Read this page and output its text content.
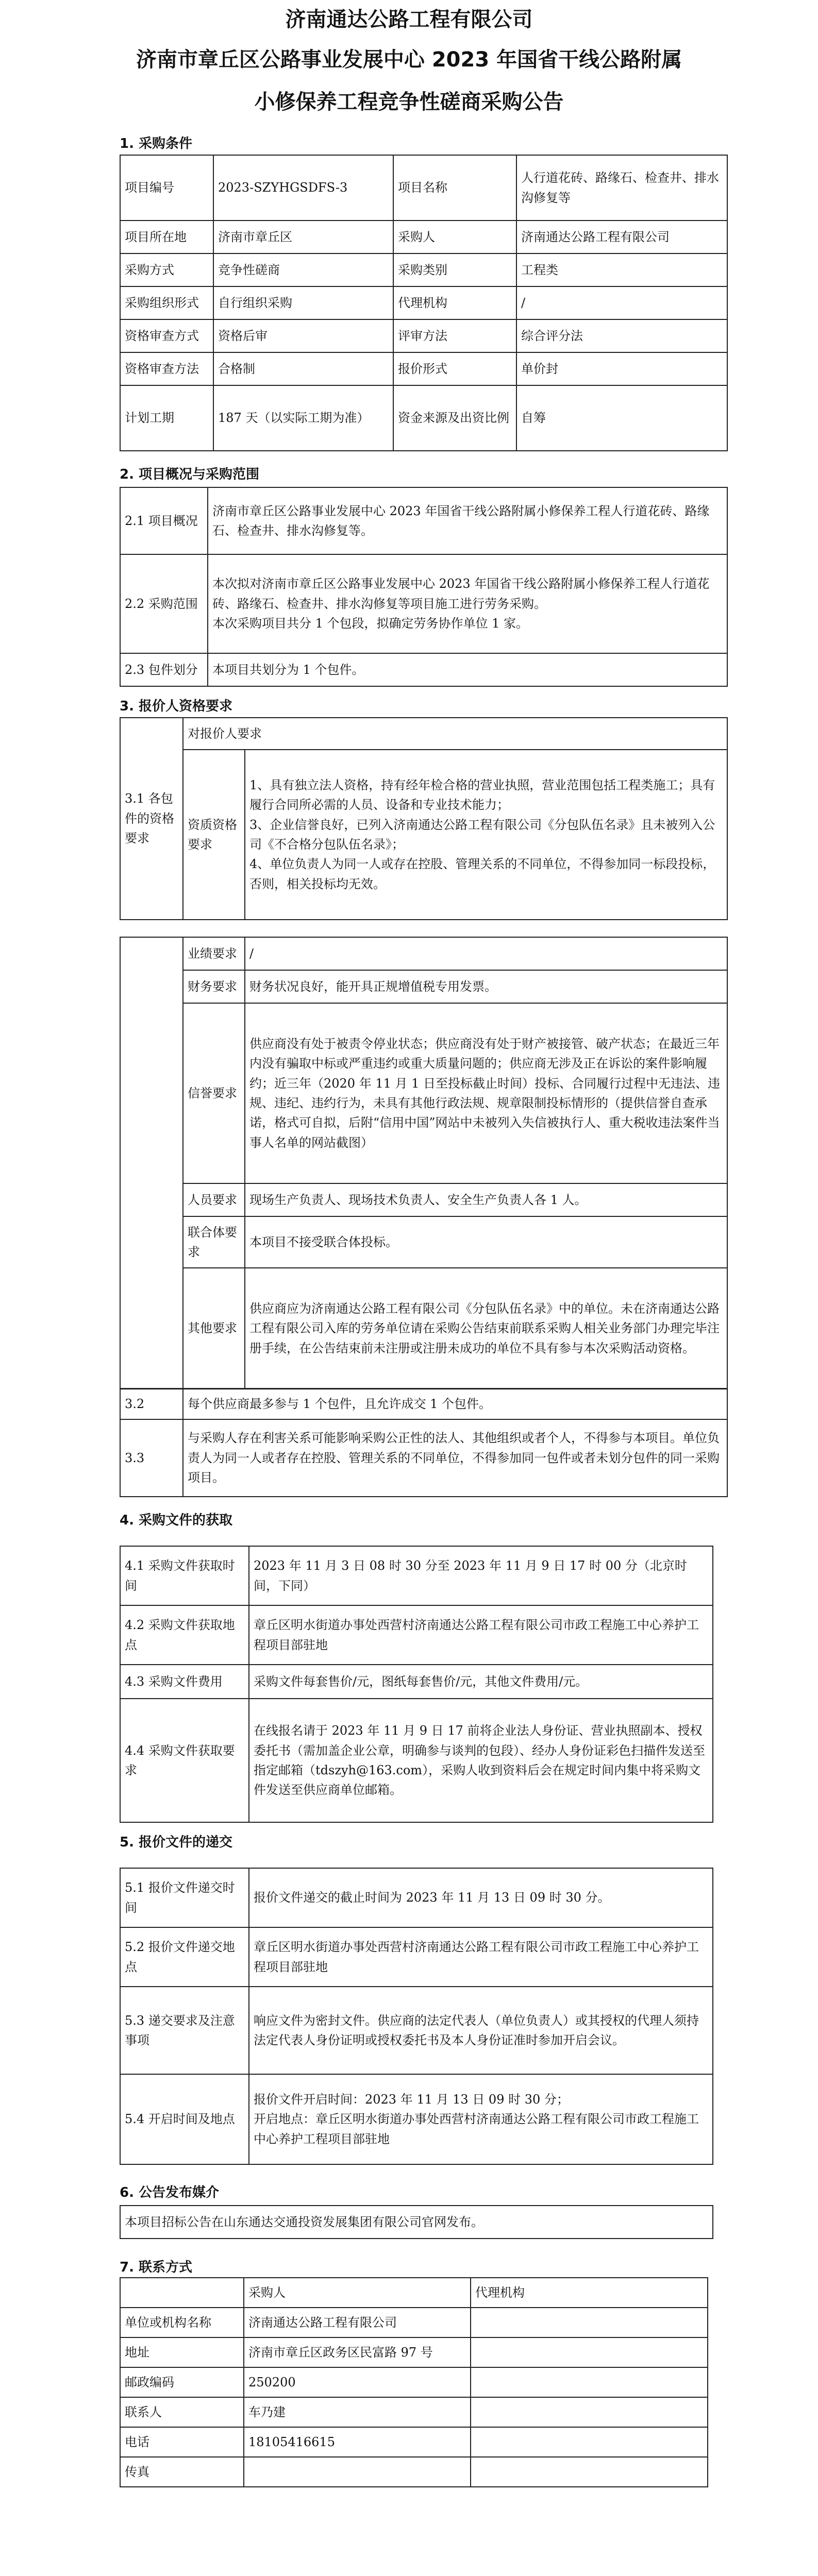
济南通达公路工程有限公司
济南市章丘区公路事业发展中心 2023 年国省干线公路附属
小修保养工程竞争性磋商采购公告
1. 采购条件
项目编号	2023-SZYHGSDFS-3	项目名称	人行道花砖、路缘石、检查井、排水沟修复等
项目所在地	济南市章丘区	采购人	济南通达公路工程有限公司
采购方式	竞争性磋商	采购类别	工程类
采购组织形式	自行组织采购	代理机构	/
资格审查方式	资格后审	评审方法	综合评分法
资格审查方法	合格制	报价形式	单价封
计划工期	187 天（以实际工期为准）	资金来源及出资比例	自筹
2. 项目概况与采购范围
2.1 项目概况	济南市章丘区公路事业发展中心 2023 年国省干线公路附属小修保养工程人行道花砖、路缘石、检查井、排水沟修复等。
2.2 采购范围	本次拟对济南市章丘区公路事业发展中心 2023 年国省干线公路附属小修保养工程人行道花砖、路缘石、检查井、排水沟修复等项目施工进行劳务采购。
本次采购项目共分 1 个包段，拟确定劳务协作单位 1 家。

2.3 包件划分	本项目共划分为 1 个包件。
3. 报价人资格要求
3.1 各包件的资格要求	对报价人要求	
	资质资格要求	1、具有独立法人资格，持有经年检合格的营业执照，营业范围包括工程类施工；具有履行合同所必需的人员、设备和专业技术能力；
3、企业信誉良好，已列入济南通达公路工程有限公司《分包队伍名录》且未被列入公司《不合格分包队伍名录》；
4、单位负责人为同一人或存在控股、管理关系的不同单位，不得参加同一标段投标，否则，相关投标均无效。
	业绩要求	/
	财务要求	财务状况良好，能开具正规增值税专用发票。
	信誉要求	供应商没有处于被责令停业状态；供应商没有处于财产被接管、破产状态；在最近三年内没有骗取中标或严重违约或重大质量问题的；供应商无涉及正在诉讼的案件影响履约；近三年（2020 年 11 月 1 日至投标截止时间）投标、合同履行过程中无违法、违规、违纪、违约行为，未具有其他行政法规、规章限制投标情形的（提供信誉自查承诺，格式可自拟，后附“信用中国”网站中未被列入失信被执行人、重大税收违法案件当事人名单的网站截图）
	人员要求	现场生产负责人、现场技术负责人、安全生产负责人各 1 人。
	联合体要求	本项目不接受联合体投标。
	其他要求	供应商应为济南通达公路工程有限公司《分包队伍名录》中的单位。未在济南通达公路工程有限公司入库的劳务单位请在采购公告结束前联系采购人相关业务部门办理完毕注册手续，在公告结束前未注册或注册未成功的单位不具有参与本次采购活动资格。
3.2	每个供应商最多参与 1 个包件，且允许成交 1 个包件。
3.3	与采购人存在利害关系可能影响采购公正性的法人、其他组织或者个人，不得参与本项目。单位负责人为同一人或者存在控股、管理关系的不同单位，不得参加同一包件或者未划分包件的同一采购项目。
4. 采购文件的获取
4.1 采购文件获取时间	2023 年 11 月 3 日 08 时 30 分至 2023 年 11 月 9 日 17 时 00 分（北京时间，下同）
4.2 采购文件获取地点	章丘区明水街道办事处西营村济南通达公路工程有限公司市政工程施工中心养护工程项目部驻地
4.3 采购文件费用	采购文件每套售价/元，图纸每套售价/元，其他文件费用/元。
4.4 采购文件获取要求	在线报名请于 2023 年 11 月 9 日 17 前将企业法人身份证、营业执照副本、授权委托书（需加盖企业公章，明确参与谈判的包段）、经办人身份证彩色扫描件发送至指定邮箱（tdszyh@163.com），采购人收到资料后会在规定时间内集中将采购文件发送至供应商单位邮箱。
5. 报价文件的递交
5.1 报价文件递交时间	报价文件递交的截止时间为 2023 年 11 月 13 日 09 时 30 分。
5.2 报价文件递交地点	章丘区明水街道办事处西营村济南通达公路工程有限公司市政工程施工中心养护工程项目部驻地
5.3 递交要求及注意事项	响应文件为密封文件。供应商的法定代表人（单位负责人）或其授权的代理人须持法定代表人身份证明或授权委托书及本人身份证准时参加开启会议。
5.4 开启时间及地点	报价文件开启时间：2023 年 11 月 13 日 09 时 30 分；
开启地点：章丘区明水街道办事处西营村济南通达公路工程有限公司市政工程施工中心养护工程项目部驻地
6. 公告发布媒介
本项目招标公告在山东通达交通投资发展集团有限公司官网发布。
7. 联系方式
	采购人	代理机构
单位或机构名称	济南通达公路工程有限公司	
地址	济南市章丘区政务区民富路 97 号	
邮政编码	250200	
联系人	车乃建	
电话	18105416615	
传真		
